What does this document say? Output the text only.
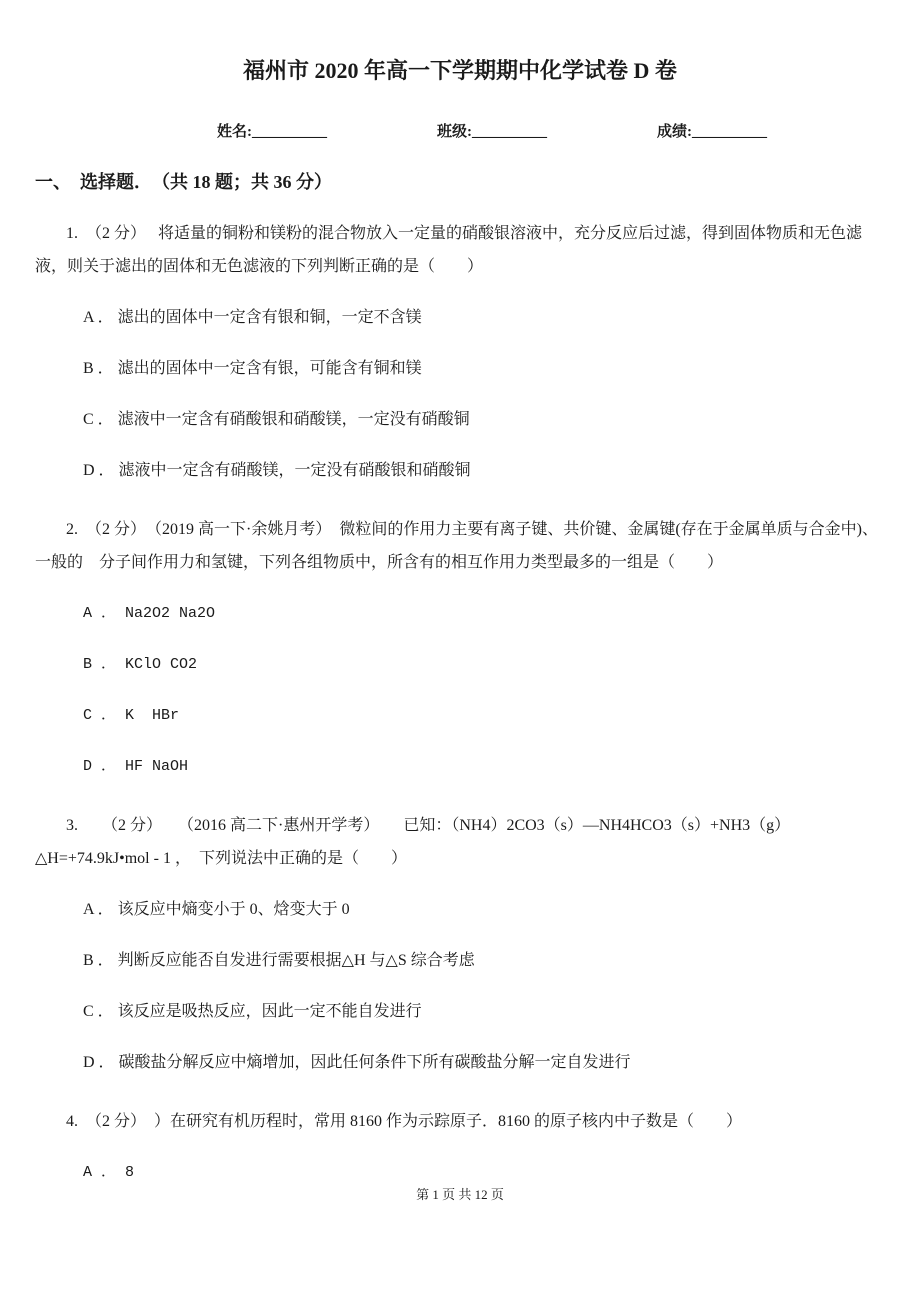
福州市 2020 年高一下学期期中化学试卷 D 卷
姓名:__________	班级:__________	成绩:__________
一、　选择题．　（共 18 题；共 36 分）

1.　（2 分）　 将适量的铜粉和镁粉的混合物放入一定量的硝酸银溶液中，充分反应后过滤，得到固体物质和无色滤液，则关于滤出的固体和无色滤液的下列判断正确的是（　　）

A ． 滤出的固体中一定含有银和铜，一定不含镁

B ． 滤出的固体中一定含有银，可能含有铜和镁

C ． 滤液中一定含有硝酸银和硝酸镁，一定没有硝酸铜

D ． 滤液中一定含有硝酸镁，一定没有硝酸银和硝酸铜

2.　（2 分）　（2019 高一下·余姚月考）　微粒间的作用力主要有离子键、共价键、金属键(存在于金属单质与合金中)、一般的　分子间作用力和氢键，下列各组物质中，所含有的相互作用力类型最多的一组是（　　）

A ． Na2O2 Na2O

B ． KClO CO2

C ． K  HBr

D ． HF NaOH

3.　　（2 分）　　（2016 高二下·惠州开学考）　　已知：（NH4）2CO3（s）—NH4HCO3（s）+NH3（g）△H=+74.9kJ•mol - 1 ，　下列说法中正确的是（　　）

A ． 该反应中熵变小于 0、焓变大于 0

B ． 判断反应能否自发进行需要根据△H 与△S 综合考虑

C ． 该反应是吸热反应，因此一定不能自发进行

D ． 碳酸盐分解反应中熵增加，因此任何条件下所有碳酸盐分解一定自发进行

4.　（2 分）　）在研究有机历程时，常用 8160 作为示踪原子．8160 的原子核内中子数是（　　）

A ． 8

第 1 页 共 12 页
